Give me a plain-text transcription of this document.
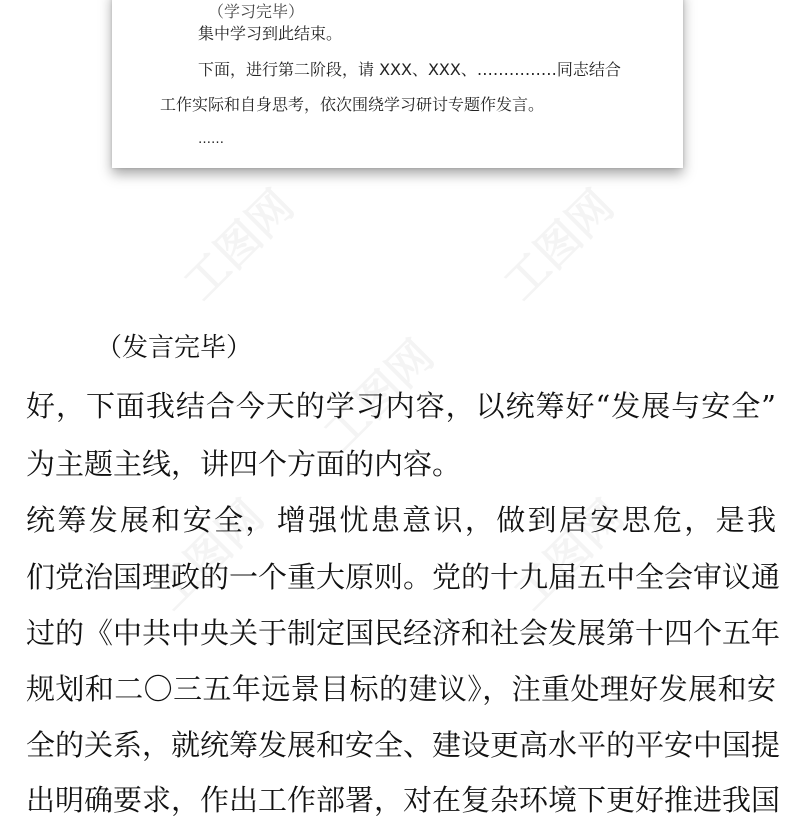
（学习完毕）

集中学习到此结束。

下面，进行第二阶段，请 XXX、XXX、……………同志结合

工作实际和自身思考，依次围绕学习研讨专题作发言。

……

（发言完毕）

好，下面我结合今天的学习内容，以统筹好“发展与安全”

为主题主线，讲四个方面的内容。

统筹发展和安全，增强忧患意识，做到居安思危，是我

们党治国理政的一个重大原则。党的十九届五中全会审议通

过的《中共中央关于制定国民经济和社会发展第十四个五年

规划和二〇三五年远景目标的建议》，注重处理好发展和安

全的关系，就统筹发展和安全、建设更高水平的平安中国提

出明确要求，作出工作部署，对在复杂环境下更好推进我国
